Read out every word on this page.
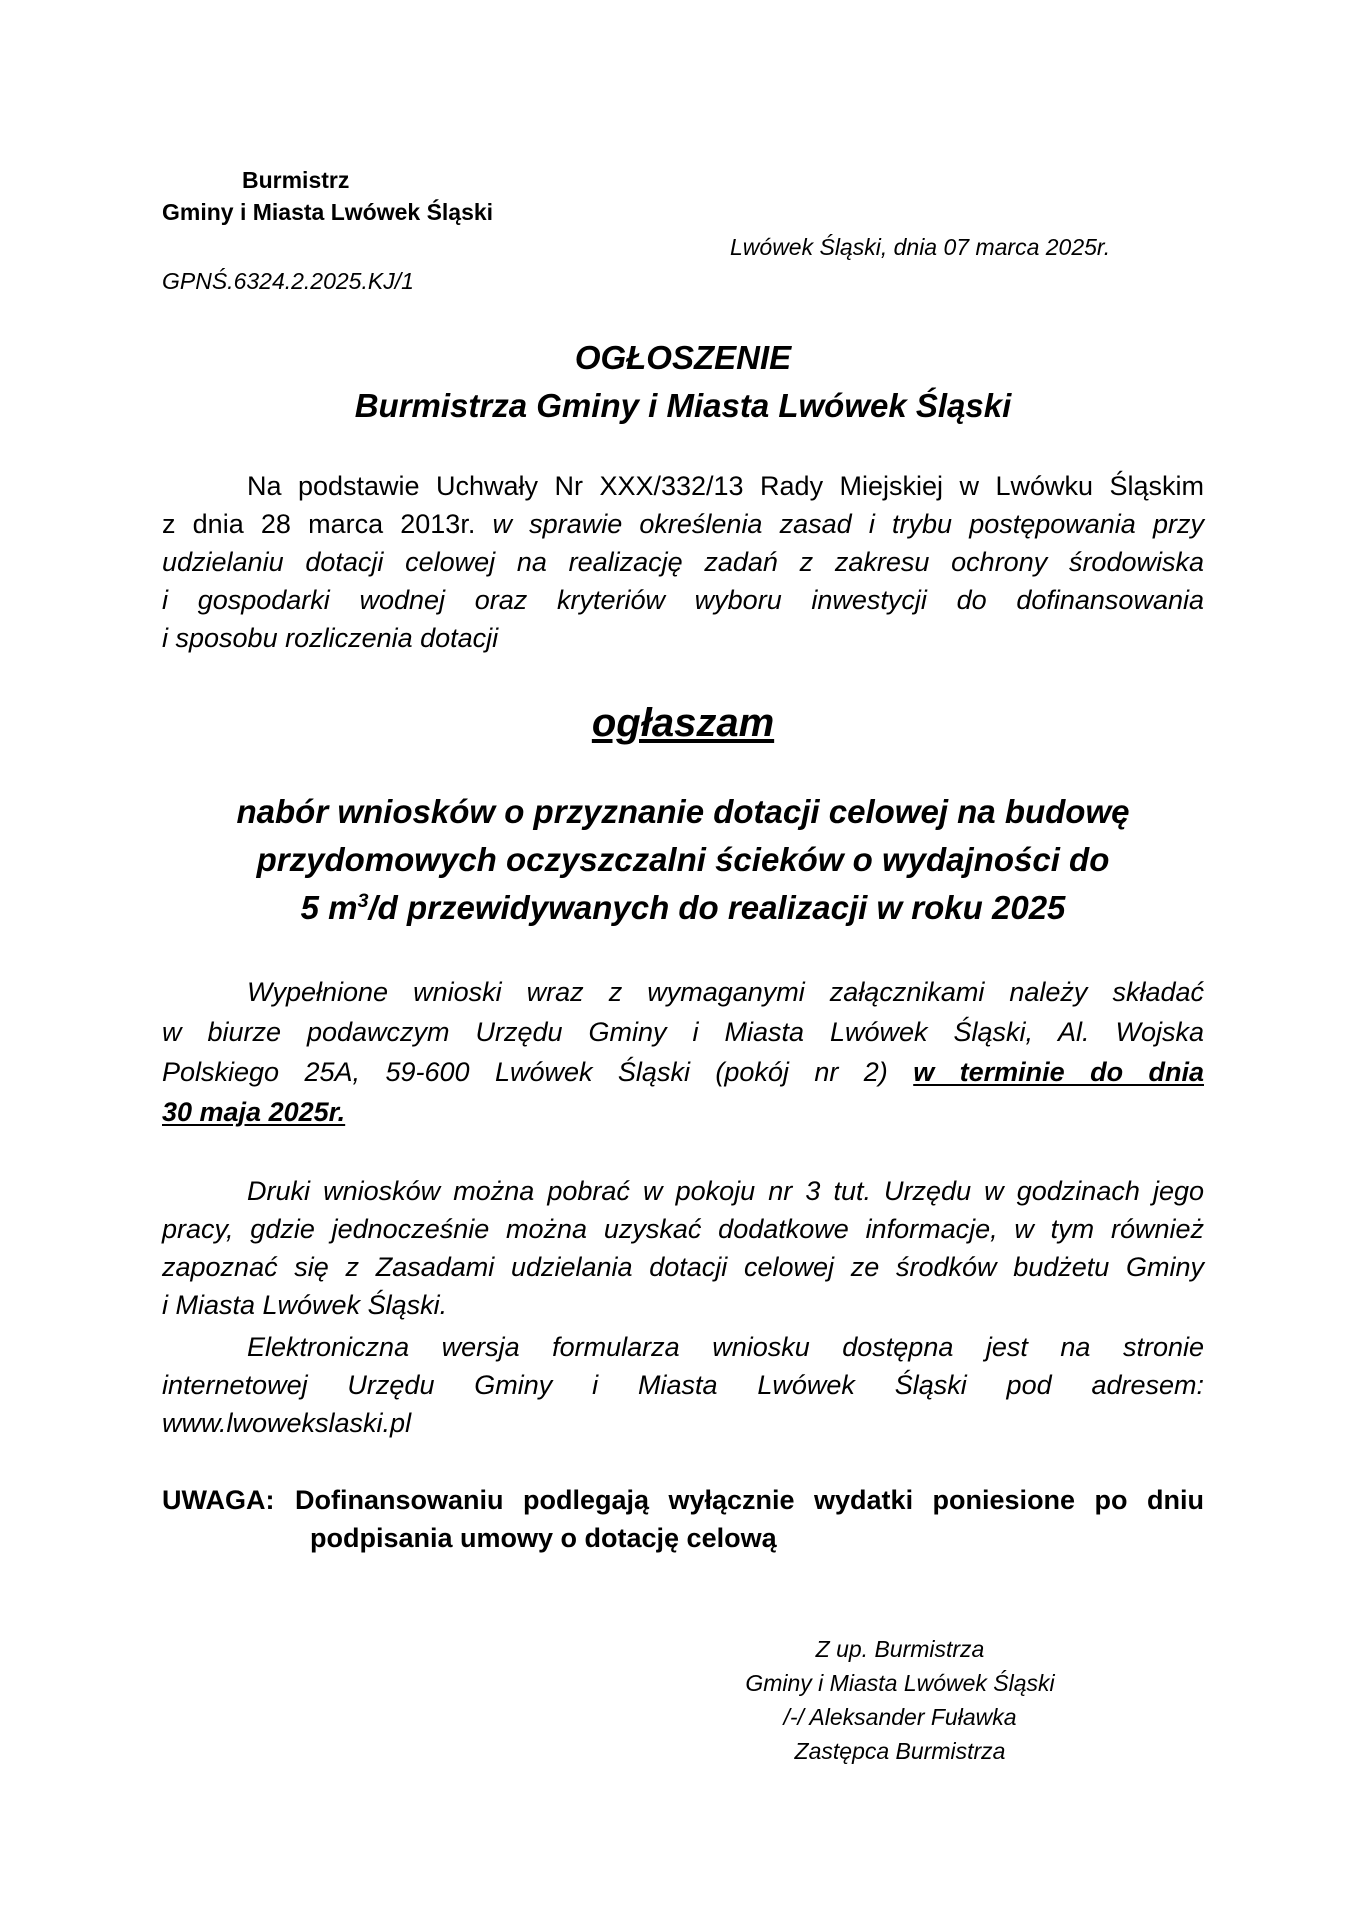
Burmistrz
Gminy i Miasta Lwówek Śląski
Lwówek Śląski, dnia 07 marca 2025r.
GPNŚ.6324.2.2025.KJ/1
OGŁOSZENIE
Burmistrza Gminy i Miasta Lwówek Śląski
Na podstawie Uchwały Nr XXX/332/13 Rady Miejskiej w Lwówku Śląskim
z dnia 28 marca 2013r. w sprawie określenia zasad i trybu postępowania przy
udzielaniu dotacji celowej na realizację zadań z zakresu ochrony środowiska
i gospodarki wodnej oraz kryteriów wyboru inwestycji do dofinansowania
i sposobu rozliczenia dotacji
ogłaszam
nabór wniosków o przyznanie dotacji celowej na budowę
przydomowych oczyszczalni ścieków o wydajności do
5 $m^3/d$ przewidywanych do realizacji w roku 2025
Wypełnione wnioski wraz z wymaganymi załącznikami należy składać
w biurze podawczym Urzędu Gminy i Miasta Lwówek Śląski, Al. Wojska
Polskiego 25A, 59-600 Lwówek Śląski (pokój nr 2) w terminie do dnia
30 maja 2025r.
Druki wniosków można pobrać w pokoju nr 3 tut. Urzędu w godzinach jego
pracy, gdzie jednocześnie można uzyskać dodatkowe informacje, w tym również
zapoznać się z Zasadami udzielania dotacji celowej ze środków budżetu Gminy
i Miasta Lwówek Śląski.
Elektroniczna wersja formularza wniosku dostępna jest na stronie
internetowej Urzędu Gminy i Miasta Lwówek Śląski pod adresem:
www.lwowekslaski.pl
UWAGA: Dofinansowaniu podlegają wyłącznie wydatki poniesione po dniu
podpisania umowy o dotację celową
Z up. Burmistrza
Gminy i Miasta Lwówek Śląski
/-/ Aleksander Fuławka
Zastępca Burmistrza
